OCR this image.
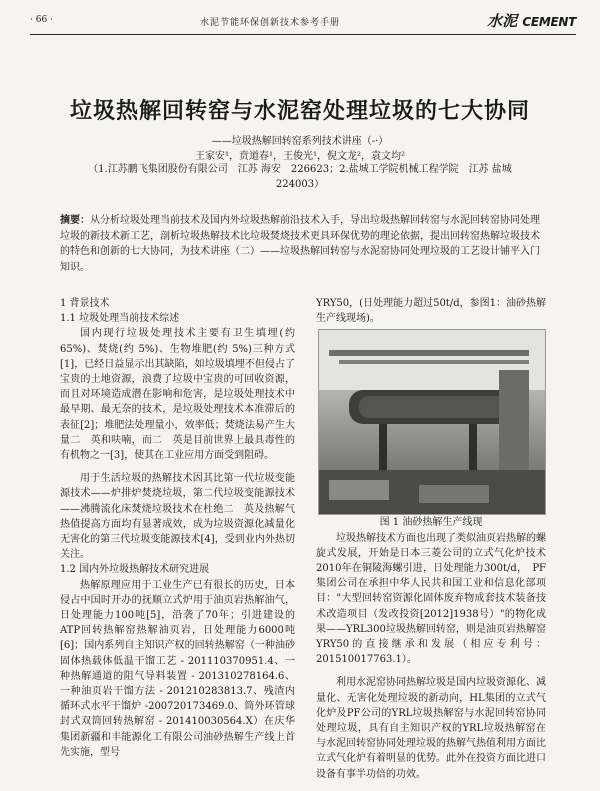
· 66 ·	水泥节能环保创新技术参考手册	水泥 CEMENT
垃圾热解回转窑与水泥窑处理垃圾的七大协同
——垃圾热解回转窑系列技术讲座（-·）
王家安¹，贲道春¹，王俊光¹，倪文龙²，袁文均²
（1.江苏鹏飞集团股份有限公司　江苏 海安　226623；2.盐城工学院机械工程学院　江苏 盐城　224003）
摘要：从分析垃圾处理当前技术及国内外垃圾热解前沿技术入手，导出垃圾热解回转窑与水泥回转窑协同处理垃圾的新技术新工艺，剖析垃圾热解技术比垃圾焚烧技术更具环保优势的理论依据，提出回转窑热解垃圾技术的特色和创新的七大协同，为技术讲座（二）——垃圾热解回转窑与水泥窑协同处理垃圾的工艺设计铺平入门知识。

1 背景技术

1.1 垃圾处理当前技术综述

国内现行垃圾处理技术主要有卫生填埋(约65%)、焚烧(约 5%)、生物堆肥(约 5%)三种方式[1]，已经日益显示出其缺陷，如垃圾填埋不但侵占了宝贵的土地资源，浪费了垃圾中宝贵的可回收资源，而且对环境造成潜在影响和危害，是垃圾处理技术中最早期、最无奈的技术，是垃圾处理技术本准滞后的表征[2]；堆肥法处理量小，效率低；焚烧法易产生大量二　英和呋喃，而二　英是目前世界上最具毒性的有机物之一[3]，使其在工业应用方面受到阻碍。

用于生活垃圾的热解技术因其比第一代垃圾变能源技术——炉排炉焚烧垃圾，第二代垃圾变能源技术——沸腾流化床焚烧垃圾技术在杜绝二　英及热解气热值提高方面均有显著成效，成为垃圾资源化减量化无害化的第三代垃圾变能源技术[4]，受到业内外热切关注。

1.2 国内外垃圾热解技术研究进展

热解原理应用于工业生产已有很长的历史，日本侵占中国时开办的抚顺立式炉用于油页岩热解油气，日处理能力100吨[5]，沿袭了70年；引进建设的ATP回转热解窑热解油页岩，日处理能力6000吨[6]；国内系列自主知识产权的回转热解窑（一种油砂固体热载体低温干馏工艺 - 201110370951.4、一种热解通道的阻气导料装置 - 201310278164.6、一种油页岩干馏方法 - 201210283813.7、残渣内循环式水平干馏炉 -200720173469.0、筒外环管球封式双筒回转热解窑 - 201410030564.X）在庆华集团新疆和丰能源化工有限公司油砂热解生产线上首先实施，型号

YRY50，(日处理能力超过50t/d，参图1：油砂热解生产线现场)。

图 1 油砂热解生产线现

垃圾热解技术方面也出现了类似油页岩热解的螺旋式发展，开始是日本三菱公司的立式气化炉技术2010年在铜陵海螺引进，日处理能力300t/d，　PF集团公司在承担中华人民共和国工业和信息化部项目："大型回转窑资源化固体废弃物成套技术装备技术改造项目（发改投资[2012]1938号）"的物化成果——YRL300垃圾热解回转窑，则是油页岩热解窑YRY50的直接继承和发展（相应专利号：201510017763.1）。

利用水泥窑协同热解垃圾是国内垃圾资源化、减量化、无害化处理垃圾的新动向，HL集团的立式气化炉及PF公司的YRL垃圾热解窑与水泥回转窑协同处理垃圾，具有自主知识产权的YRL垃圾热解窑在与水泥回转窑协同处理垃圾的热解气热值利用方面比立式气化炉有着明显的优势。此外在投资方面比进口设备有事半功倍的功效。
